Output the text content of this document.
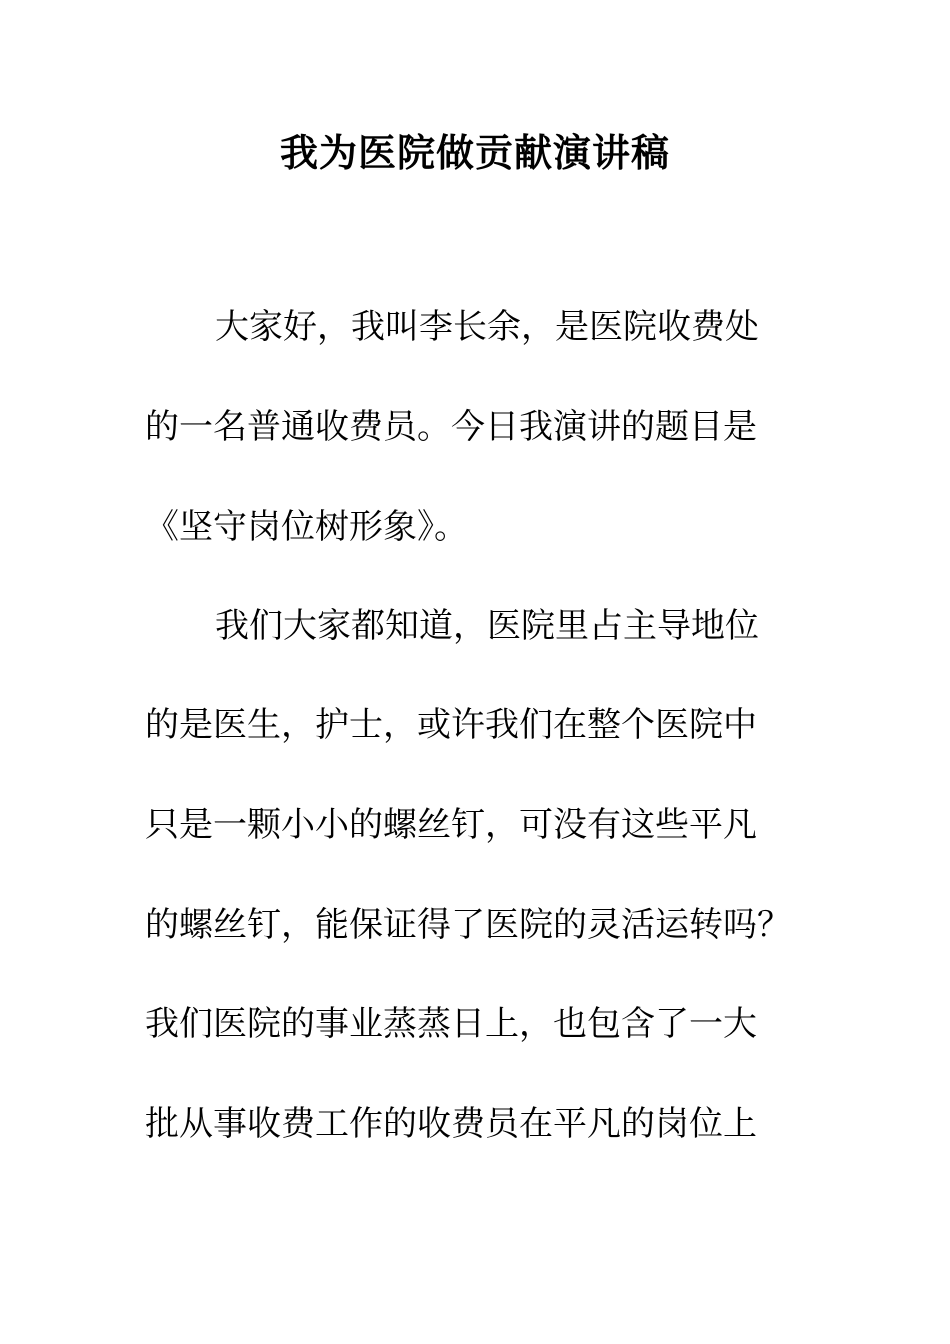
我为医院做贡献演讲稿

大家好，我叫李长余，是医院收费处

的一名普通收费员。今日我演讲的题目是

《坚守岗位树形象》。

我们大家都知道，医院里占主导地位

的是医生，护士，或许我们在整个医院中

只是一颗小小的螺丝钉，可没有这些平凡

的螺丝钉，能保证得了医院的灵活运转吗？

我们医院的事业蒸蒸日上，也包含了一大

批从事收费工作的收费员在平凡的岗位上
